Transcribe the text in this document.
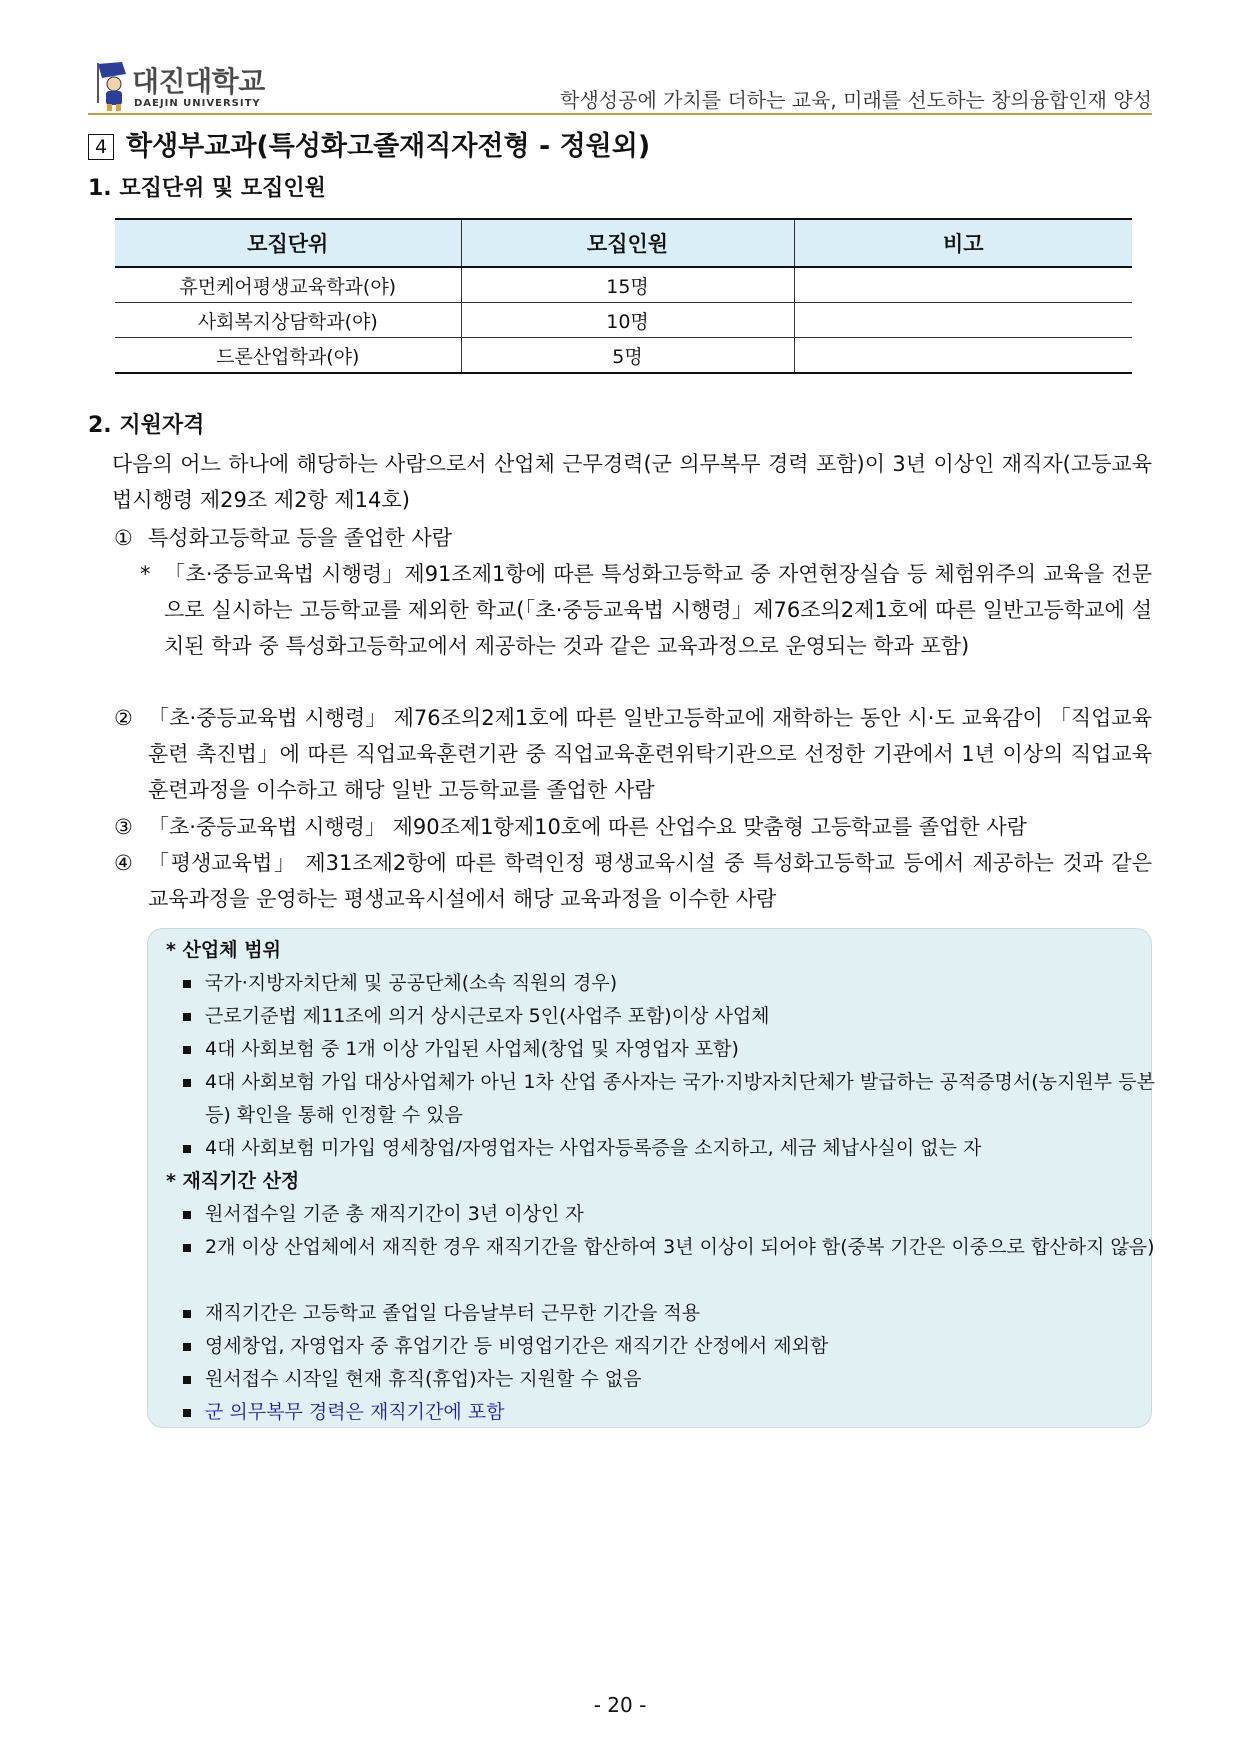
대진대학교
DAEJIN UNIVERSITY	학생성공에 가치를 더하는 교육, 미래를 선도하는 창의융합인재 양성
4 학생부교과(특성화고졸재직자전형 - 정원외)
1. 모집단위 및 모집인원
모집단위	모집인원	비고
휴먼케어평생교육학과(야)	15명	
사회복지상담학과(야)	10명	
드론산업학과(야)	5명	
2. 지원자격
다음의 어느 하나에 해당하는 사람으로서 산업체 근무경력(군 의무복무 경력 포함)이 3년 이상인 재직자(고등교육법시행령 제29조 제2항 제14호)
① 특성화고등학교 등을 졸업한 사람
* 「초·중등교육법 시행령」제91조제1항에 따른 특성화고등학교 중 자연현장실습 등 체험위주의 교육을 전문으로 실시하는 고등학교를 제외한 학교(「초·중등교육법 시행령」제76조의2제1호에 따른 일반고등학교에 설치된 학과 중 특성화고등학교에서 제공하는 것과 같은 교육과정으로 운영되는 학과 포함)
② 「초·중등교육법 시행령」 제76조의2제1호에 따른 일반고등학교에 재학하는 동안 시·도 교육감이 「직업교육훈련 촉진법」에 따른 직업교육훈련기관 중 직업교육훈련위탁기관으로 선정한 기관에서 1년 이상의 직업교육훈련과정을 이수하고 해당 일반 고등학교를 졸업한 사람
③ 「초·중등교육법 시행령」 제90조제1항제10호에 따른 산업수요 맞춤형 고등학교를 졸업한 사람
④ 「평생교육법」 제31조제2항에 따른 학력인정 평생교육시설 중 특성화고등학교 등에서 제공하는 것과 같은 교육과정을 운영하는 평생교육시설에서 해당 교육과정을 이수한 사람
* 산업체 범위
국가·지방자치단체 및 공공단체(소속 직원의 경우)
근로기준법 제11조에 의거 상시근로자 5인(사업주 포함)이상 사업체
4대 사회보험 중 1개 이상 가입된 사업체(창업 및 자영업자 포함)
4대 사회보험 가입 대상사업체가 아닌 1차 산업 종사자는 국가·지방자치단체가 발급하는 공적증명서(농지원부 등본 등) 확인을 통해 인정할 수 있음
4대 사회보험 미가입 영세창업/자영업자는 사업자등록증을 소지하고, 세금 체납사실이 없는 자
* 재직기간 산정
원서접수일 기준 총 재직기간이 3년 이상인 자
2개 이상 산업체에서 재직한 경우 재직기간을 합산하여 3년 이상이 되어야 함(중복 기간은 이중으로 합산하지 않음)
재직기간은 고등학교 졸업일 다음날부터 근무한 기간을 적용
영세창업, 자영업자 중 휴업기간 등 비영업기간은 재직기간 산정에서 제외함
원서접수 시작일 현재 휴직(휴업)자는 지원할 수 없음
군 의무복무 경력은 재직기간에 포함
- 20 -
